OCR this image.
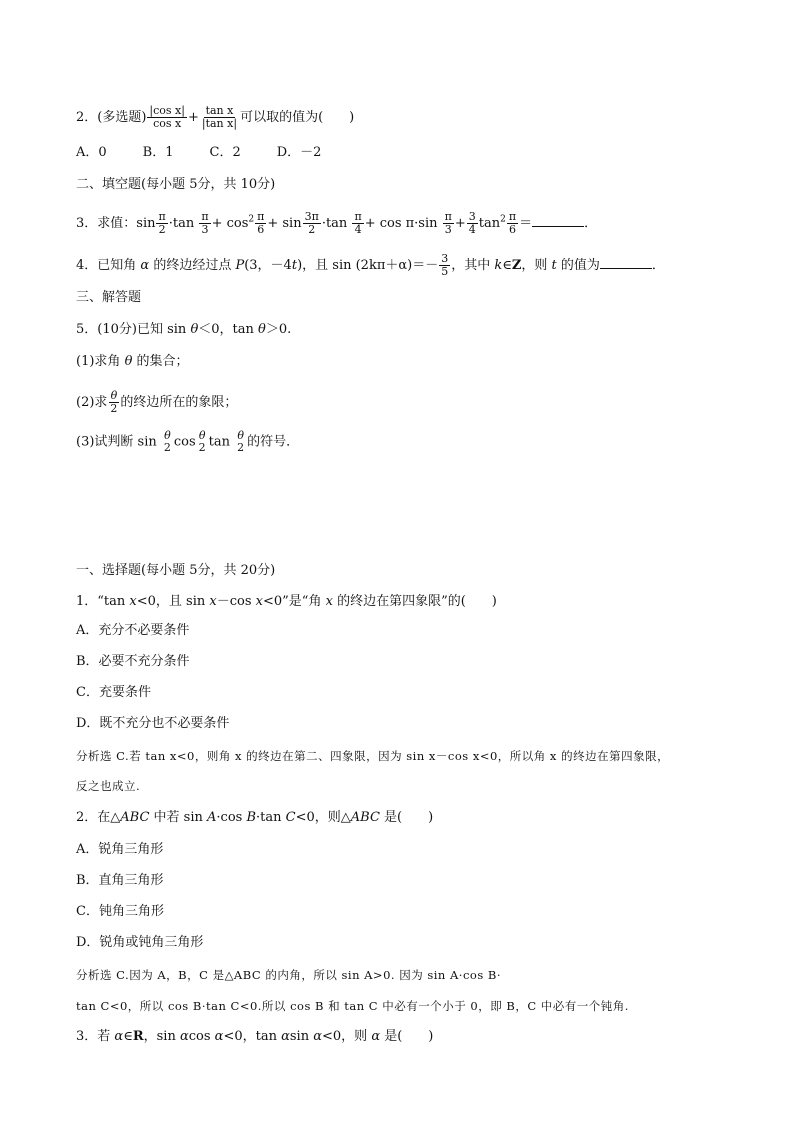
2．(多选题) $\frac{\text{|cos x|}}{\text{cos x}} + \frac{\text{tan x}}{\text{|tan x|}}$ 可以取的值为(　　)
A．0	B．1	C．2	D．－2
二、填空题(每小题 5分，共 10分)
3．求值：$\sin \frac{\pi}{2} \cdot\tan \frac{\pi}{3} + \cos^2 \frac{\pi}{6} + \sin \frac{3\pi}{2} \cdot\tan \frac{\pi}{4} + \cos \pi\cdot\sin \frac{\pi}{3} + \frac{3}{4} \tan^2 \frac{\pi}{6}$ ＝	．
4．已知角 α 的终边经过点 P(3，－4t)，且 $\sin (2k\pi+\alpha)=- \frac{3}{5}$ ，其中 k∈Z，则 t 的值为	．
三、解答题
5．(10分)已知 sin θ＜0，tan θ＞0.
(1)求角 θ 的集合；
(2)求 $\frac{\theta}{2}$ 的终边所在的象限；
(3)试判断 sin θ
2 cos θ
2 tan θ
2 的符号．
一、选择题(每小题 5分，共 20分)
1．“tan x<0，且 sin x－cos x<0”是“角 x 的终边在第四象限”的(　　)
A．充分不必要条件
B．必要不充分条件
C．充要条件
D．既不充分也不必要条件
分析选 C.若 tan x<0，则角 x 的终边在第二、四象限，因为 sin x－cos x<0，所以角 x 的终边在第四象限，
反之也成立.
2．在△ABC 中若 sin A·cos B·tan C<0，则△ABC 是(　　)
A．锐角三角形
B．直角三角形
C．钝角三角形
D．锐角或钝角三角形
分析选 C.因为 A，B，C 是△ABC 的内角，所以 sin A>0. 因为 sin A·cos B·
tan C<0，所以 cos B·tan C<0.所以 cos B 和 tan C 中必有一个小于 0，即 B，C 中必有一个钝角.
3．若 α∈R，sin αcos α<0，tan αsin α<0，则 α 是(　　)
